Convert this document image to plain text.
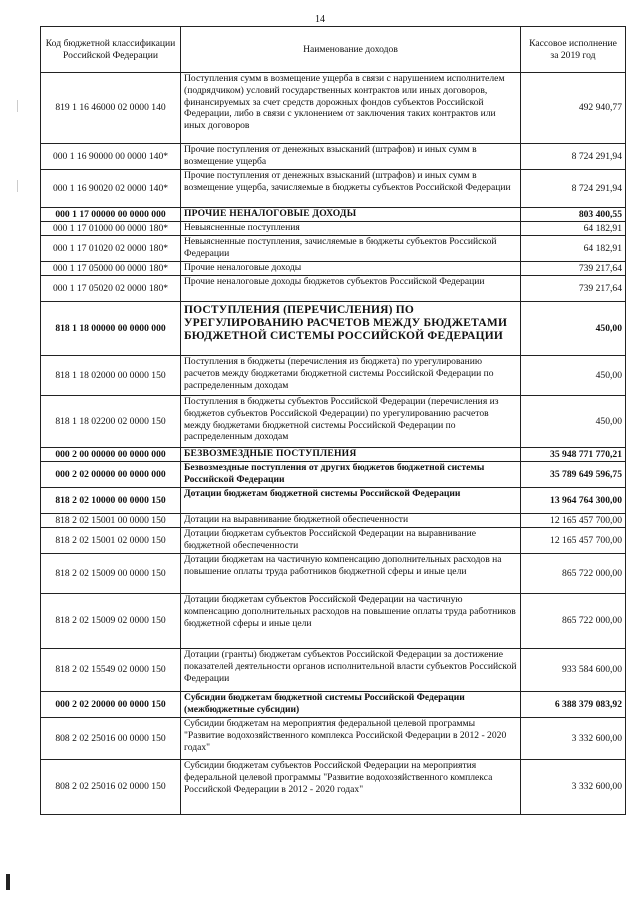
14
Код бюджетной классификации Российской Федерации	Наименование доходов	Кассовое исполнение за 2019 год
819 1 16 46000 02 0000 140	Поступления сумм в возмещение ущерба в связи с нарушением исполнителем (подрядчиком) условий государственных контрактов или иных договоров, финансируемых за счет средств дорожных фондов субъектов Российской Федерации, либо в связи с уклонением от заключения таких контрактов или иных договоров	492 940,77
000 1 16 90000 00 0000 140*	Прочие поступления от денежных взысканий (штрафов) и иных сумм в возмещение ущерба	8 724 291,94
000 1 16 90020 02 0000 140*	Прочие поступления от денежных взысканий (штрафов) и иных сумм в возмещение ущерба, зачисляемые в бюджеты субъектов Российской Федерации	8 724 291,94
000 1 17 00000 00 0000 000	ПРОЧИЕ НЕНАЛОГОВЫЕ ДОХОДЫ	803 400,55
000 1 17 01000 00 0000 180*	Невыясненные поступления	64 182,91
000 1 17 01020 02 0000 180*	Невыясненные поступления, зачисляемые в бюджеты субъектов Российской Федерации	64 182,91
000 1 17 05000 00 0000 180*	Прочие неналоговые доходы	739 217,64
000 1 17 05020 02 0000 180*	Прочие неналоговые доходы бюджетов субъектов Российской Федерации	739 217,64
818 1 18 00000 00 0000 000	ПОСТУПЛЕНИЯ (ПЕРЕЧИСЛЕНИЯ) ПО УРЕГУЛИРОВАНИЮ РАСЧЕТОВ МЕЖДУ БЮДЖЕТАМИ БЮДЖЕТНОЙ СИСТЕМЫ РОССИЙСКОЙ ФЕДЕРАЦИИ	450,00
818 1 18 02000 00 0000 150	Поступления в бюджеты (перечисления из бюджета) по урегулированию расчетов между бюджетами бюджетной системы Российской Федерации по распределенным доходам	450,00
818 1 18 02200 02 0000 150	Поступления в бюджеты субъектов Российской Федерации (перечисления из бюджетов субъектов Российской Федерации) по урегулированию расчетов между бюджетами бюджетной системы Российской Федерации по распределенным доходам	450,00
000 2 00 00000 00 0000 000	БЕЗВОЗМЕЗДНЫЕ ПОСТУПЛЕНИЯ	35 948 771 770,21
000 2 02 00000 00 0000 000	Безвозмездные поступления от других бюджетов бюджетной системы Российской Федерации	35 789 649 596,75
818 2 02 10000 00 0000 150	Дотации бюджетам бюджетной системы Российской Федерации	13 964 764 300,00
818 2 02 15001 00 0000 150	Дотации на выравнивание бюджетной обеспеченности	12 165 457 700,00
818 2 02 15001 02 0000 150	Дотации бюджетам субъектов Российской Федерации на выравнивание бюджетной обеспеченности	12 165 457 700,00
818 2 02 15009 00 0000 150	Дотации бюджетам на частичную компенсацию дополнительных расходов на повышение оплаты труда работников бюджетной сферы и иные цели	865 722 000,00
818 2 02 15009 02 0000 150	Дотации бюджетам субъектов Российской Федерации на частичную компенсацию дополнительных расходов на повышение оплаты труда работников бюджетной сферы и иные цели	865 722 000,00
818 2 02 15549 02 0000 150	Дотации (гранты) бюджетам субъектов Российской Федерации за достижение показателей деятельности органов исполнительной власти субъектов Российской Федерации	933 584 600,00
000 2 02 20000 00 0000 150	Субсидии бюджетам бюджетной системы Российской Федерации (межбюджетные субсидии)	6 388 379 083,92
808 2 02 25016 00 0000 150	Субсидии бюджетам на мероприятия федеральной целевой программы "Развитие водохозяйственного комплекса Российской Федерации в 2012 - 2020 годах"	3 332 600,00
808 2 02 25016 02 0000 150	Субсидии бюджетам субъектов Российской Федерации на мероприятия федеральной целевой программы "Развитие водохозяйственного комплекса Российской Федерации в 2012 - 2020 годах"	3 332 600,00
